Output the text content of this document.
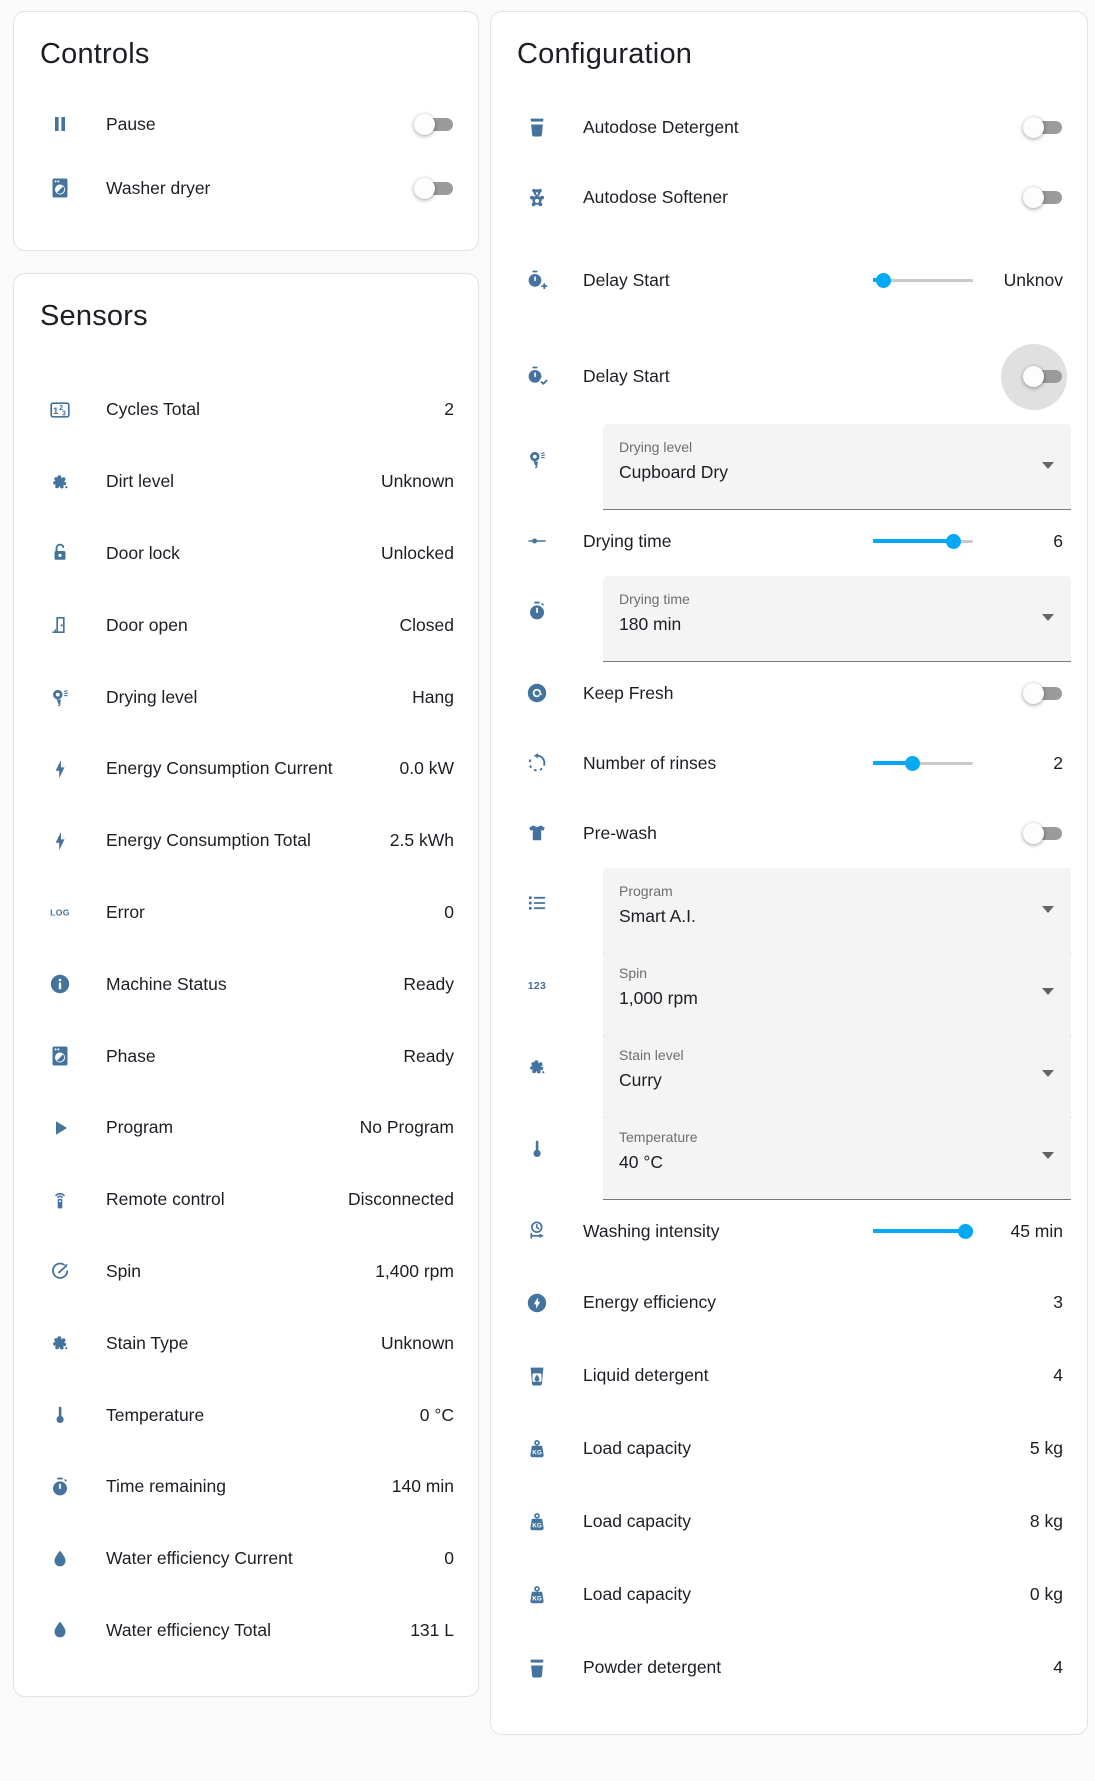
Controls
Pause
Washer dryer
Sensors
1 2
3 Cycles Total	2
Dirt level	Unknown
Door lock	Unlocked
Door open	Closed
Drying level	Hang
Energy Consumption Current	0.0 kW
Energy Consumption Total	2.5 kWh
LOG Error	0
Machine Status	Ready
Phase	Ready
Program	No Program
Remote control	Disconnected
Spin	1,400 rpm
Stain Type	Unknown
Temperature	0 °C
Time remaining	140 min
Water efficiency Current	0
Water efficiency Total	131 L
Configuration
Autodose Detergent
Autodose Softener
Delay Start	Unknov
Delay Start
Drying level
Cupboard Dry
Drying time	6
Drying time
180 min
Keep Fresh
Number of rinses	2
Pre-wash
Program
Smart A.I.
123
Spin
1,000 rpm
Stain level
Curry
Temperature
40 °C
Washing intensity	45 min
Energy efficiency	3
Liquid detergent	4
KG Load capacity	5 kg
KG Load capacity	8 kg
KG Load capacity	0 kg
Powder detergent	4
